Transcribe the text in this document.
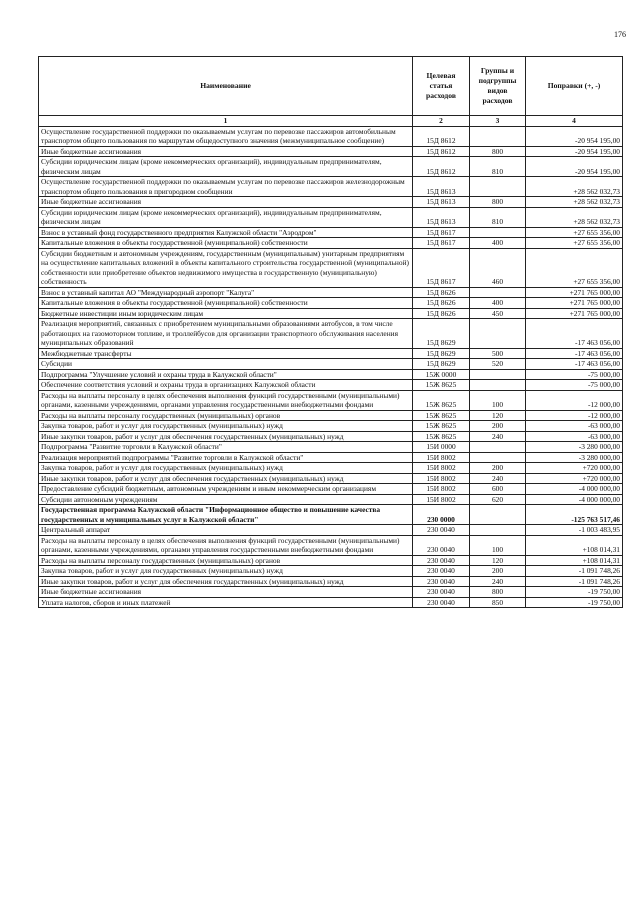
176
Наименование	Целевая статья расходов	Группы и подгруппы видов расходов	Поправки (+, -)
1	2	3	4
Осуществление государственной поддержки по оказываемым услугам по перевозке пассажиров автомобильным транспортом общего пользования по маршрутам общедоступного значения (межмуниципальное сообщение)	15Д 8612		-20 954 195,00
Иные бюджетные ассигнования	15Д 8612	800	-20 954 195,00
Субсидии юридическим лицам (кроме некоммерческих организаций), индивидуальным предпринимателям, физическим лицам	15Д 8612	810	-20 954 195,00
Осуществление государственной поддержки по оказываемым услугам по перевозке пассажиров железнодорожным транспортом общего пользования в пригородном сообщении	15Д 8613		+28 562 032,73
Иные бюджетные ассигнования	15Д 8613	800	+28 562 032,73
Субсидии юридическим лицам (кроме некоммерческих организаций), индивидуальным предпринимателям, физическим лицам	15Д 8613	810	+28 562 032,73
Взнос в уставный фонд государственного предприятия Калужской области "Аэродром"	15Д 8617		+27 655 356,00
Капитальные вложения в объекты государственной (муниципальной) собственности	15Д 8617	400	+27 655 356,00
Субсидии бюджетным и автономным учреждениям, государственным (муниципальным) унитарным предприятиям на осуществление капитальных вложений в объекты капитального строительства государственной (муниципальной) собственности или приобретение объектов недвижимого имущества в государственную (муниципальную) собственность	15Д 8617	460	+27 655 356,00
Взнос в уставный капитал АО "Международный аэропорт "Калуга"	15Д 8626		+271 765 000,00
Капитальные вложения в объекты государственной (муниципальной) собственности	15Д 8626	400	+271 765 000,00
Бюджетные инвестиции иным юридическим лицам	15Д 8626	450	+271 765 000,00
Реализация мероприятий, связанных с приобретением муниципальными образованиями автобусов, в том числе работающих на газомоторном топливе, и троллейбусов для организации транспортного обслуживания населения муниципальных образований	15Д 8629		-17 463 056,00
Межбюджетные трансферты	15Д 8629	500	-17 463 056,00
Субсидии	15Д 8629	520	-17 463 056,00
Подпрограмма "Улучшение условий и охраны труда в Калужской области"	15Ж 0000		-75 000,00
Обеспечение соответствия условий и охраны труда в организациях Калужской области	15Ж 8625		-75 000,00
Расходы на выплаты персоналу в целях обеспечения выполнения функций государственными (муниципальными) органами, казенными учреждениями, органами управления государственными внебюджетными фондами	15Ж 8625	100	-12 000,00
Расходы на выплаты персоналу государственных (муниципальных) органов	15Ж 8625	120	-12 000,00
Закупка товаров, работ и услуг для государственных (муниципальных) нужд	15Ж 8625	200	-63 000,00
Иные закупки товаров, работ и услуг для обеспечения государственных (муниципальных) нужд	15Ж 8625	240	-63 000,00
Подпрограмма "Развитие торговли в Калужской области"	15И 0000		-3 280 000,00
Реализация мероприятий подпрограммы "Развитие торговли в Калужской области"	15И 8002		-3 280 000,00
Закупка товаров, работ и услуг для государственных (муниципальных) нужд	15И 8002	200	+720 000,00
Иные закупки товаров, работ и услуг для обеспечения государственных (муниципальных) нужд	15И 8002	240	+720 000,00
Предоставление субсидий бюджетным, автономным учреждениям и иным некоммерческим организациям	15И 8002	600	-4 000 000,00
Субсидии автономным учреждениям	15И 8002	620	-4 000 000,00
Государственная программа Калужской области "Информационное общество и повышение качества государственных и муниципальных услуг в Калужской области"	230 0000		-125 763 517,46
Центральный аппарат	230 0040		-1 003 483,95
Расходы на выплаты персоналу в целях обеспечения выполнения функций государственными (муниципальными) органами, казенными учреждениями, органами управления государственными внебюджетными фондами	230 0040	100	+108 014,31
Расходы на выплаты персоналу государственных (муниципальных) органов	230 0040	120	+108 014,31
Закупка товаров, работ и услуг для государственных (муниципальных) нужд	230 0040	200	-1 091 748,26
Иные закупки товаров, работ и услуг для обеспечения государственных (муниципальных) нужд	230 0040	240	-1 091 748,26
Иные бюджетные ассигнования	230 0040	800	-19 750,00
Уплата налогов, сборов и иных платежей	230 0040	850	-19 750,00
